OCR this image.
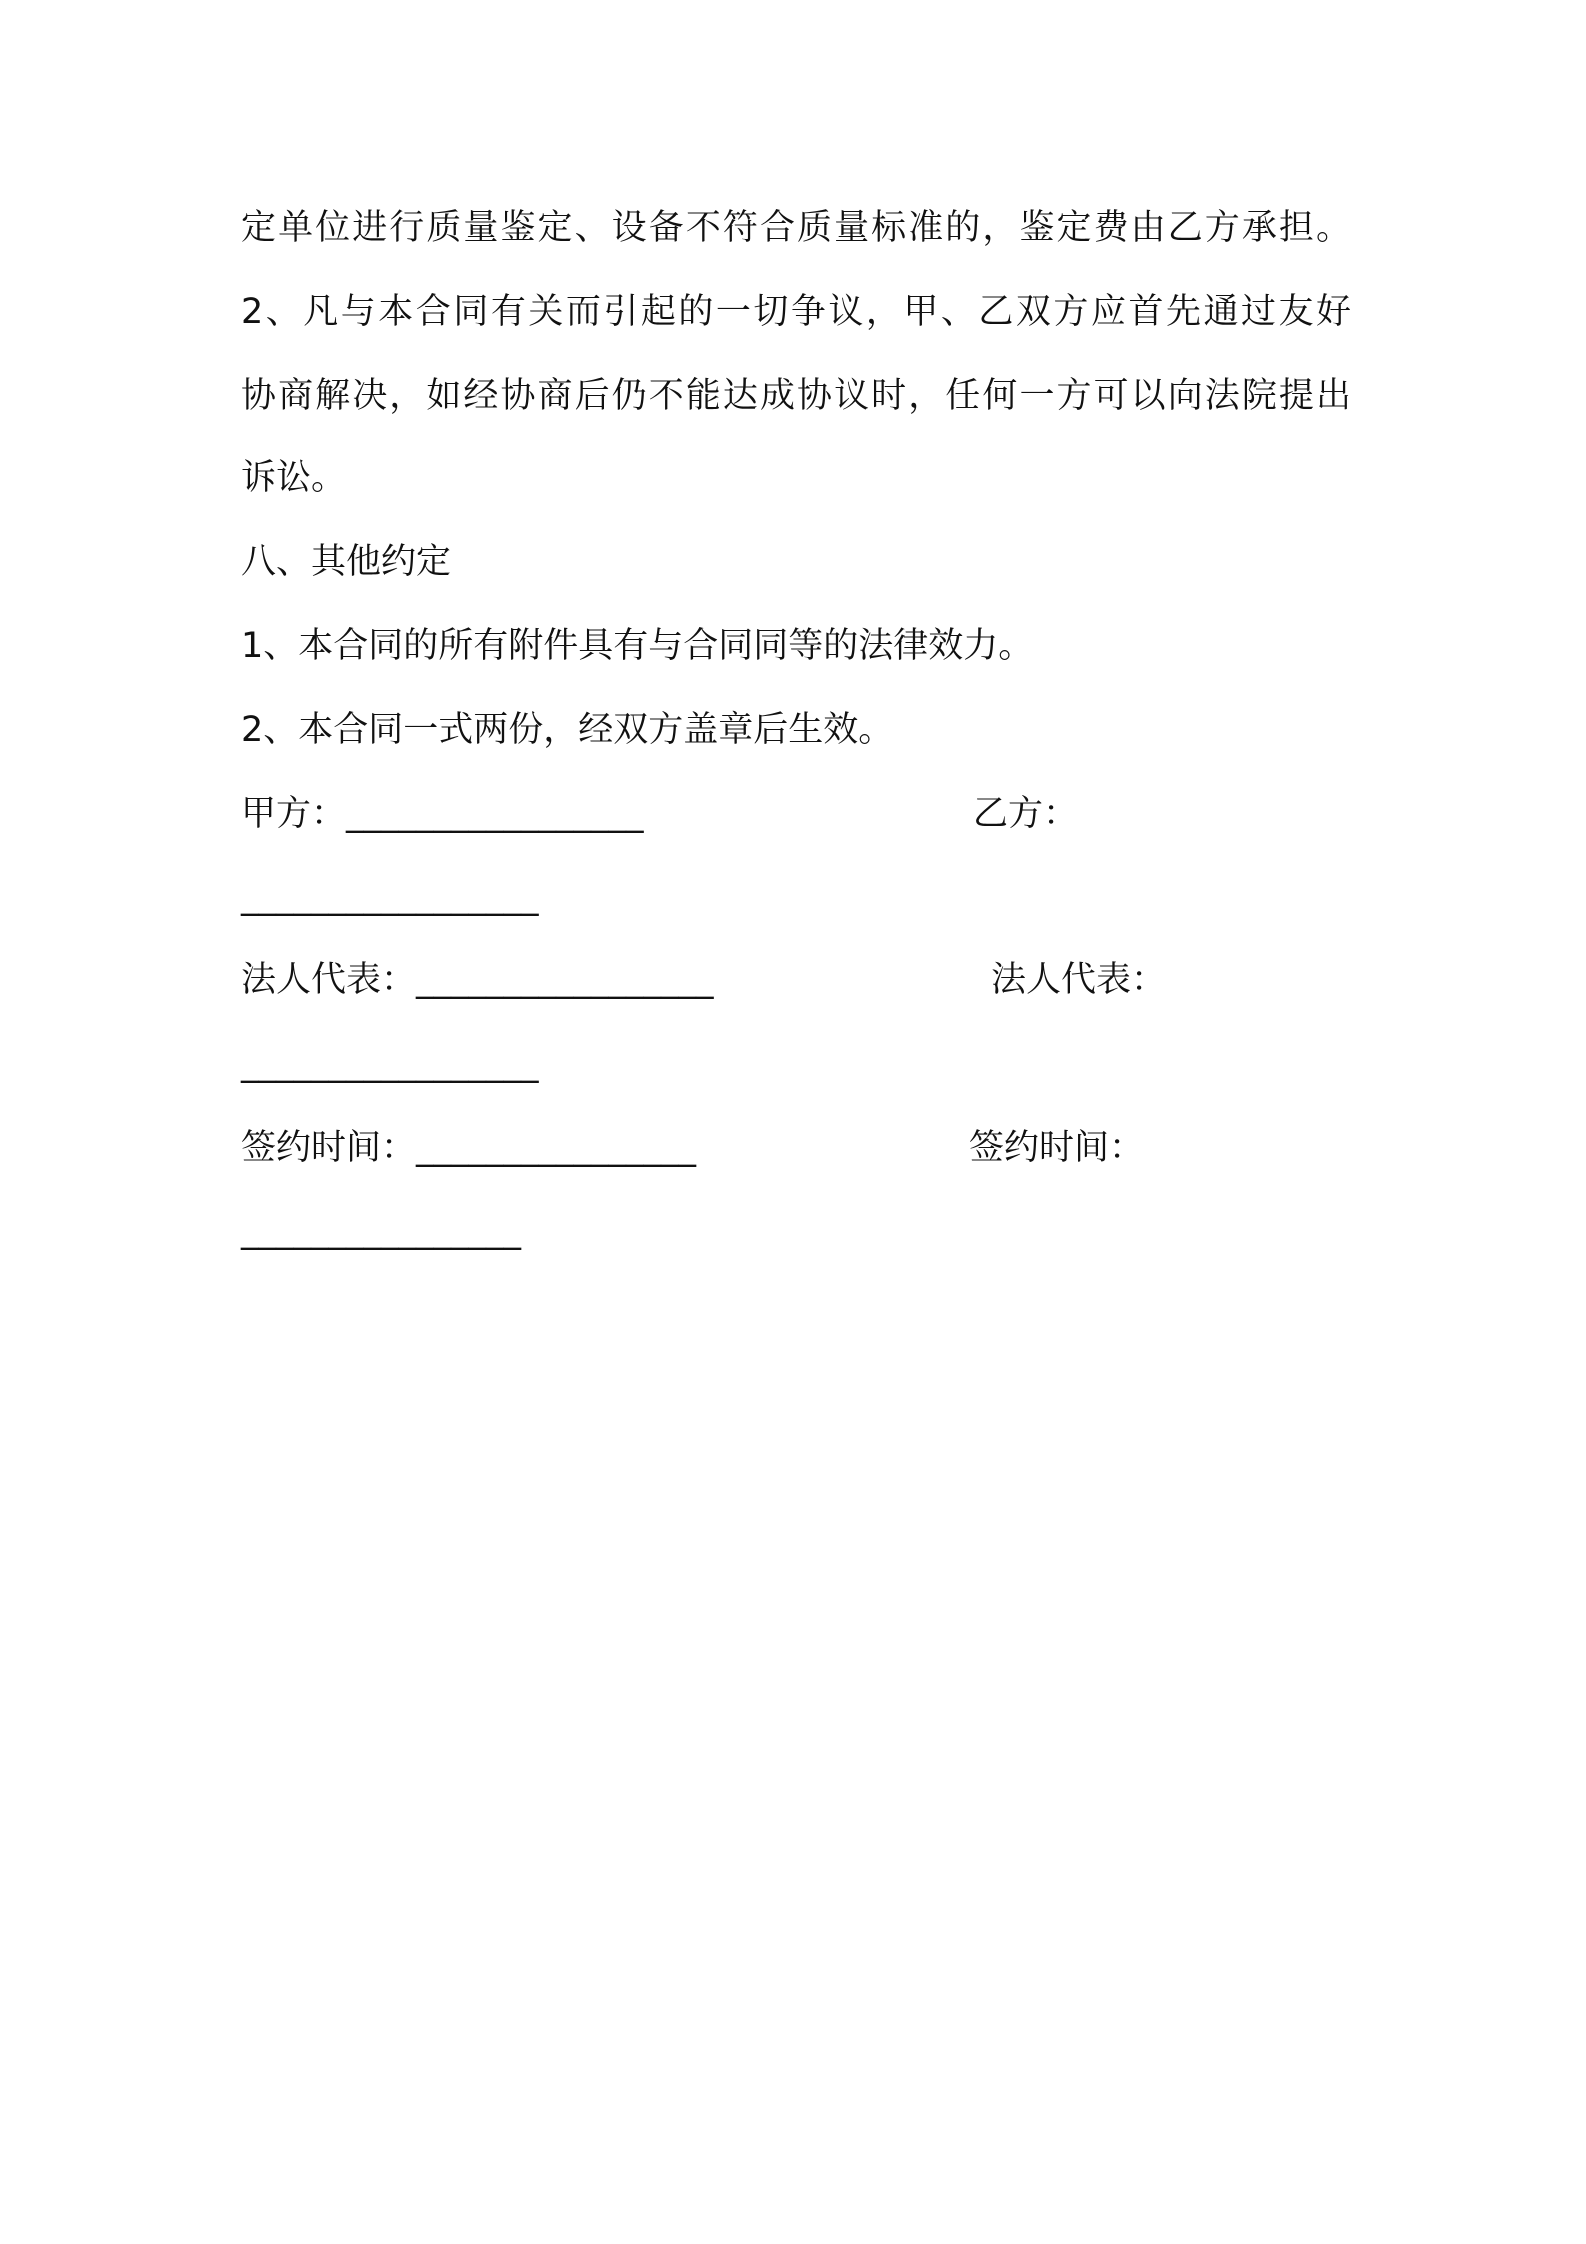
定单位进行质量鉴定、设备不符合质量标准的，鉴定费由乙方承担。
2、凡与本合同有关而引起的一切争议，甲、乙双方应首先通过友好
协商解决，如经协商后仍不能达成协议时，任何一方可以向法院提出
诉讼。
八、其他约定
1、本合同的所有附件具有与合同同等的法律效力。
2、本合同一式两份，经双方盖章后生效。
甲方：_________________	乙方：
_________________
法人代表：_________________	法人代表：
_________________
签约时间：________________	签约时间：
________________
